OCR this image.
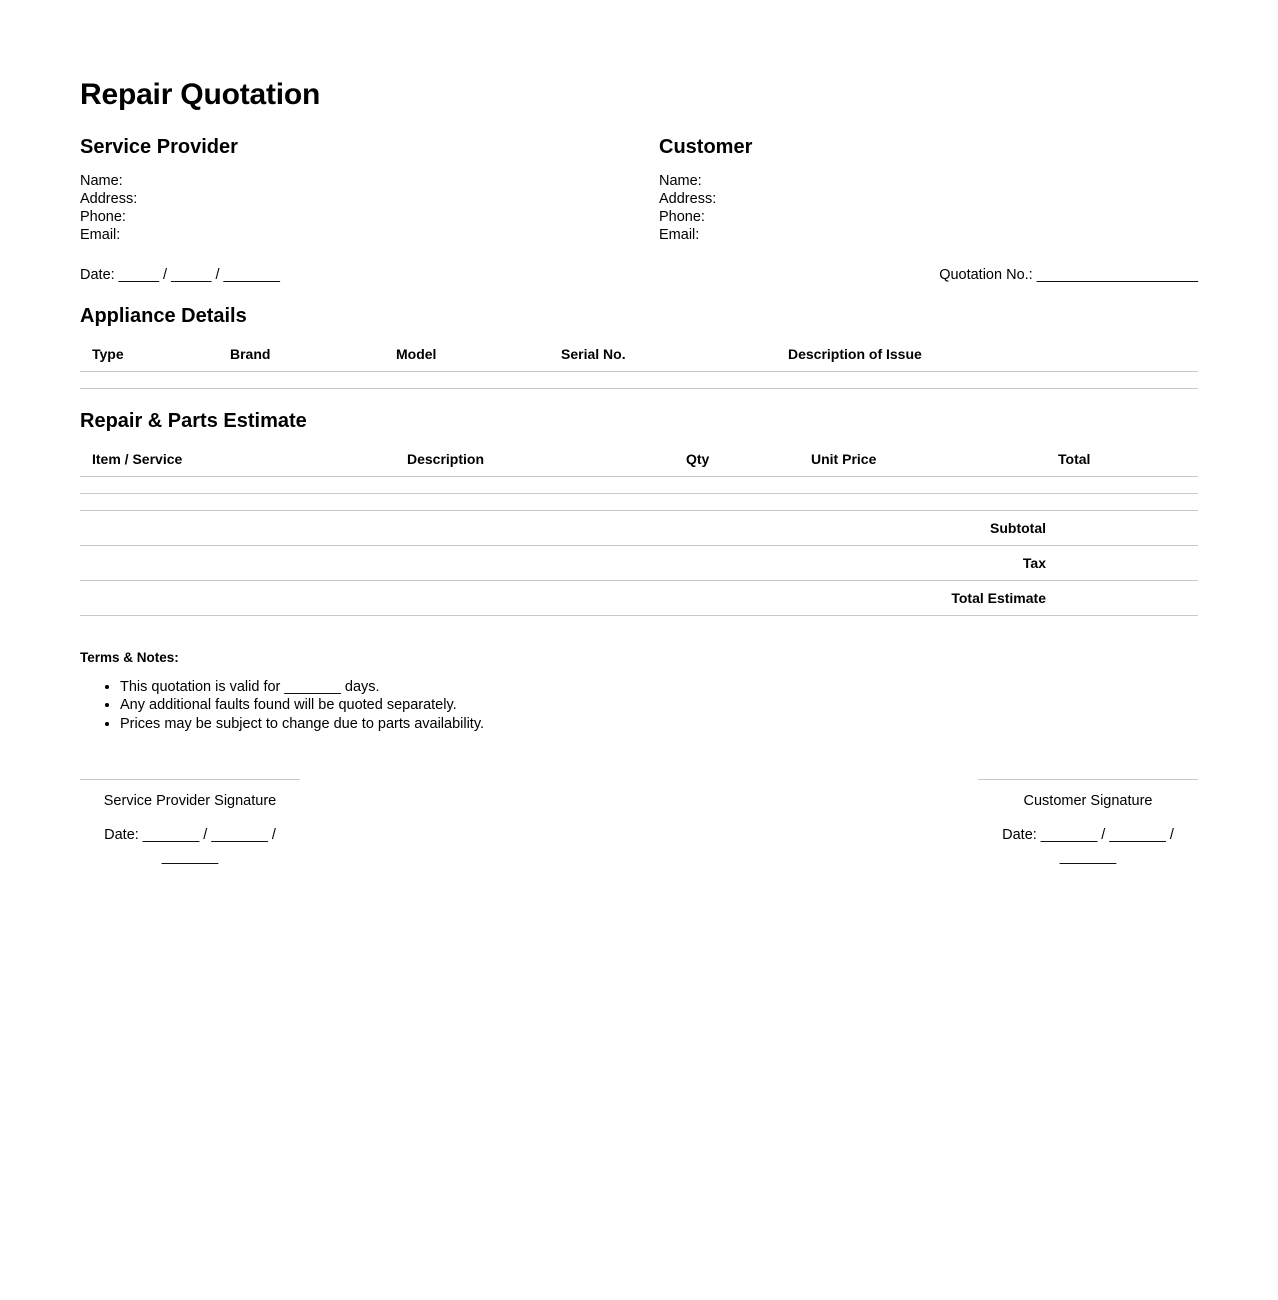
Repair Quotation
Service Provider
Name:
Address:
Phone:
Email:
Customer
Name:
Address:
Phone:
Email:
Date: _____ / _____ / _______	Quotation No.: ____________________
Appliance Details
Type	Brand	Model	Serial No.	Description of Issue

Repair & Parts Estimate
Item / Service	Description	Qty	Unit Price	Total

Subtotal				
Tax				
Total Estimate				

Terms & Notes:

• This quotation is valid for _______ days.
• Any additional faults found will be quoted separately.
• Prices may be subject to change due to parts availability.
Service Provider Signature
Date: _______ / _______ / _______
Customer Signature
Date: _______ / _______ / _______
